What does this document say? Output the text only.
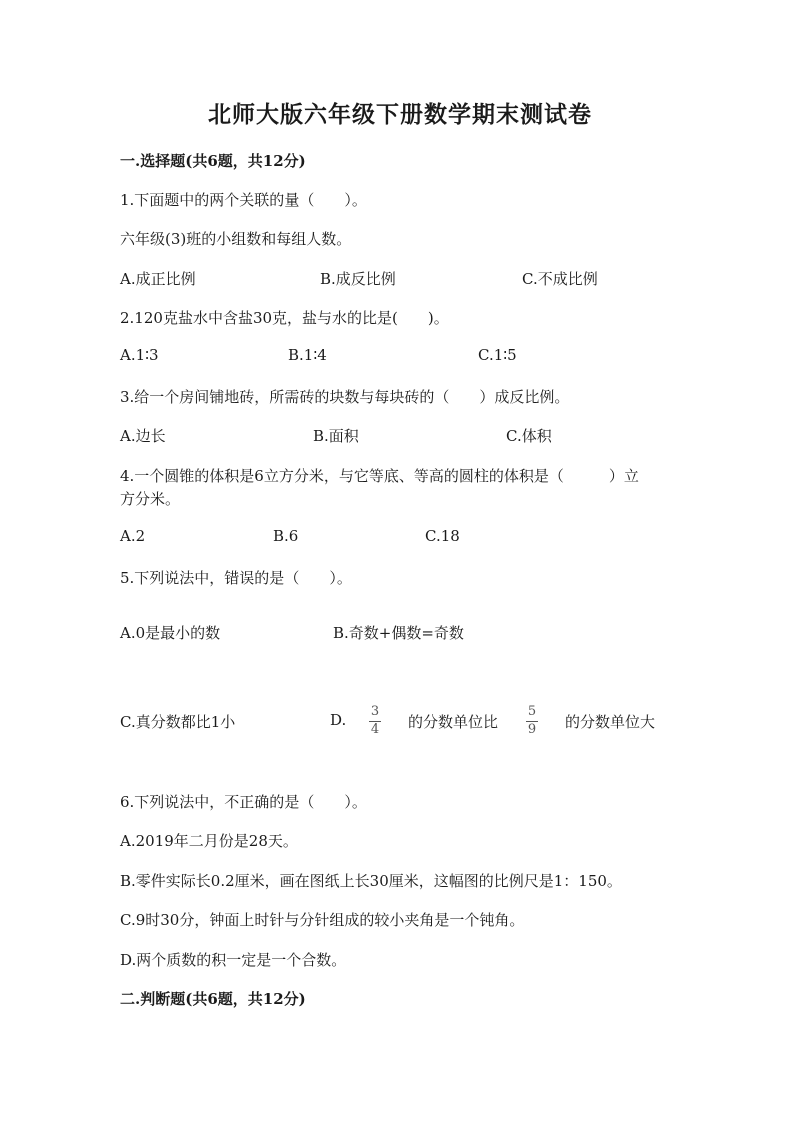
北师大版六年级下册数学期末测试卷
一.选择题(共6题，共12分)
1.下面题中的两个关联的量（　　）。
六年级(3)班的小组数和每组人数。
A.成正比例	B.成反比例	C.不成比例
2.120克盐水中含盐30克，盐与水的比是(　　)。
A.1∶3	B.1∶4	C.1∶5
3.给一个房间铺地砖，所需砖的块数与每块砖的（　　）成反比例。
A.边长	B.面积	C.体积
4.一个圆锥的体积是6立方分米，与它等底、等高的圆柱的体积是（　　　）立
方分米。
A.2	B.6	C.18
5.下列说法中，错误的是（　　）。
A.0是最小的数	B.奇数+偶数=奇数
C.真分数都比1小	D. 3
4 的分数单位比
5
9 的分数单位大
6.下列说法中，不正确的是（　　）。
A.2019年二月份是28天。
B.零件实际长0.2厘米，画在图纸上长30厘米，这幅图的比例尺是1：150。
C.9时30分，钟面上时针与分针组成的较小夹角是一个钝角。
D.两个质数的积一定是一个合数。
二.判断题(共6题，共12分)
